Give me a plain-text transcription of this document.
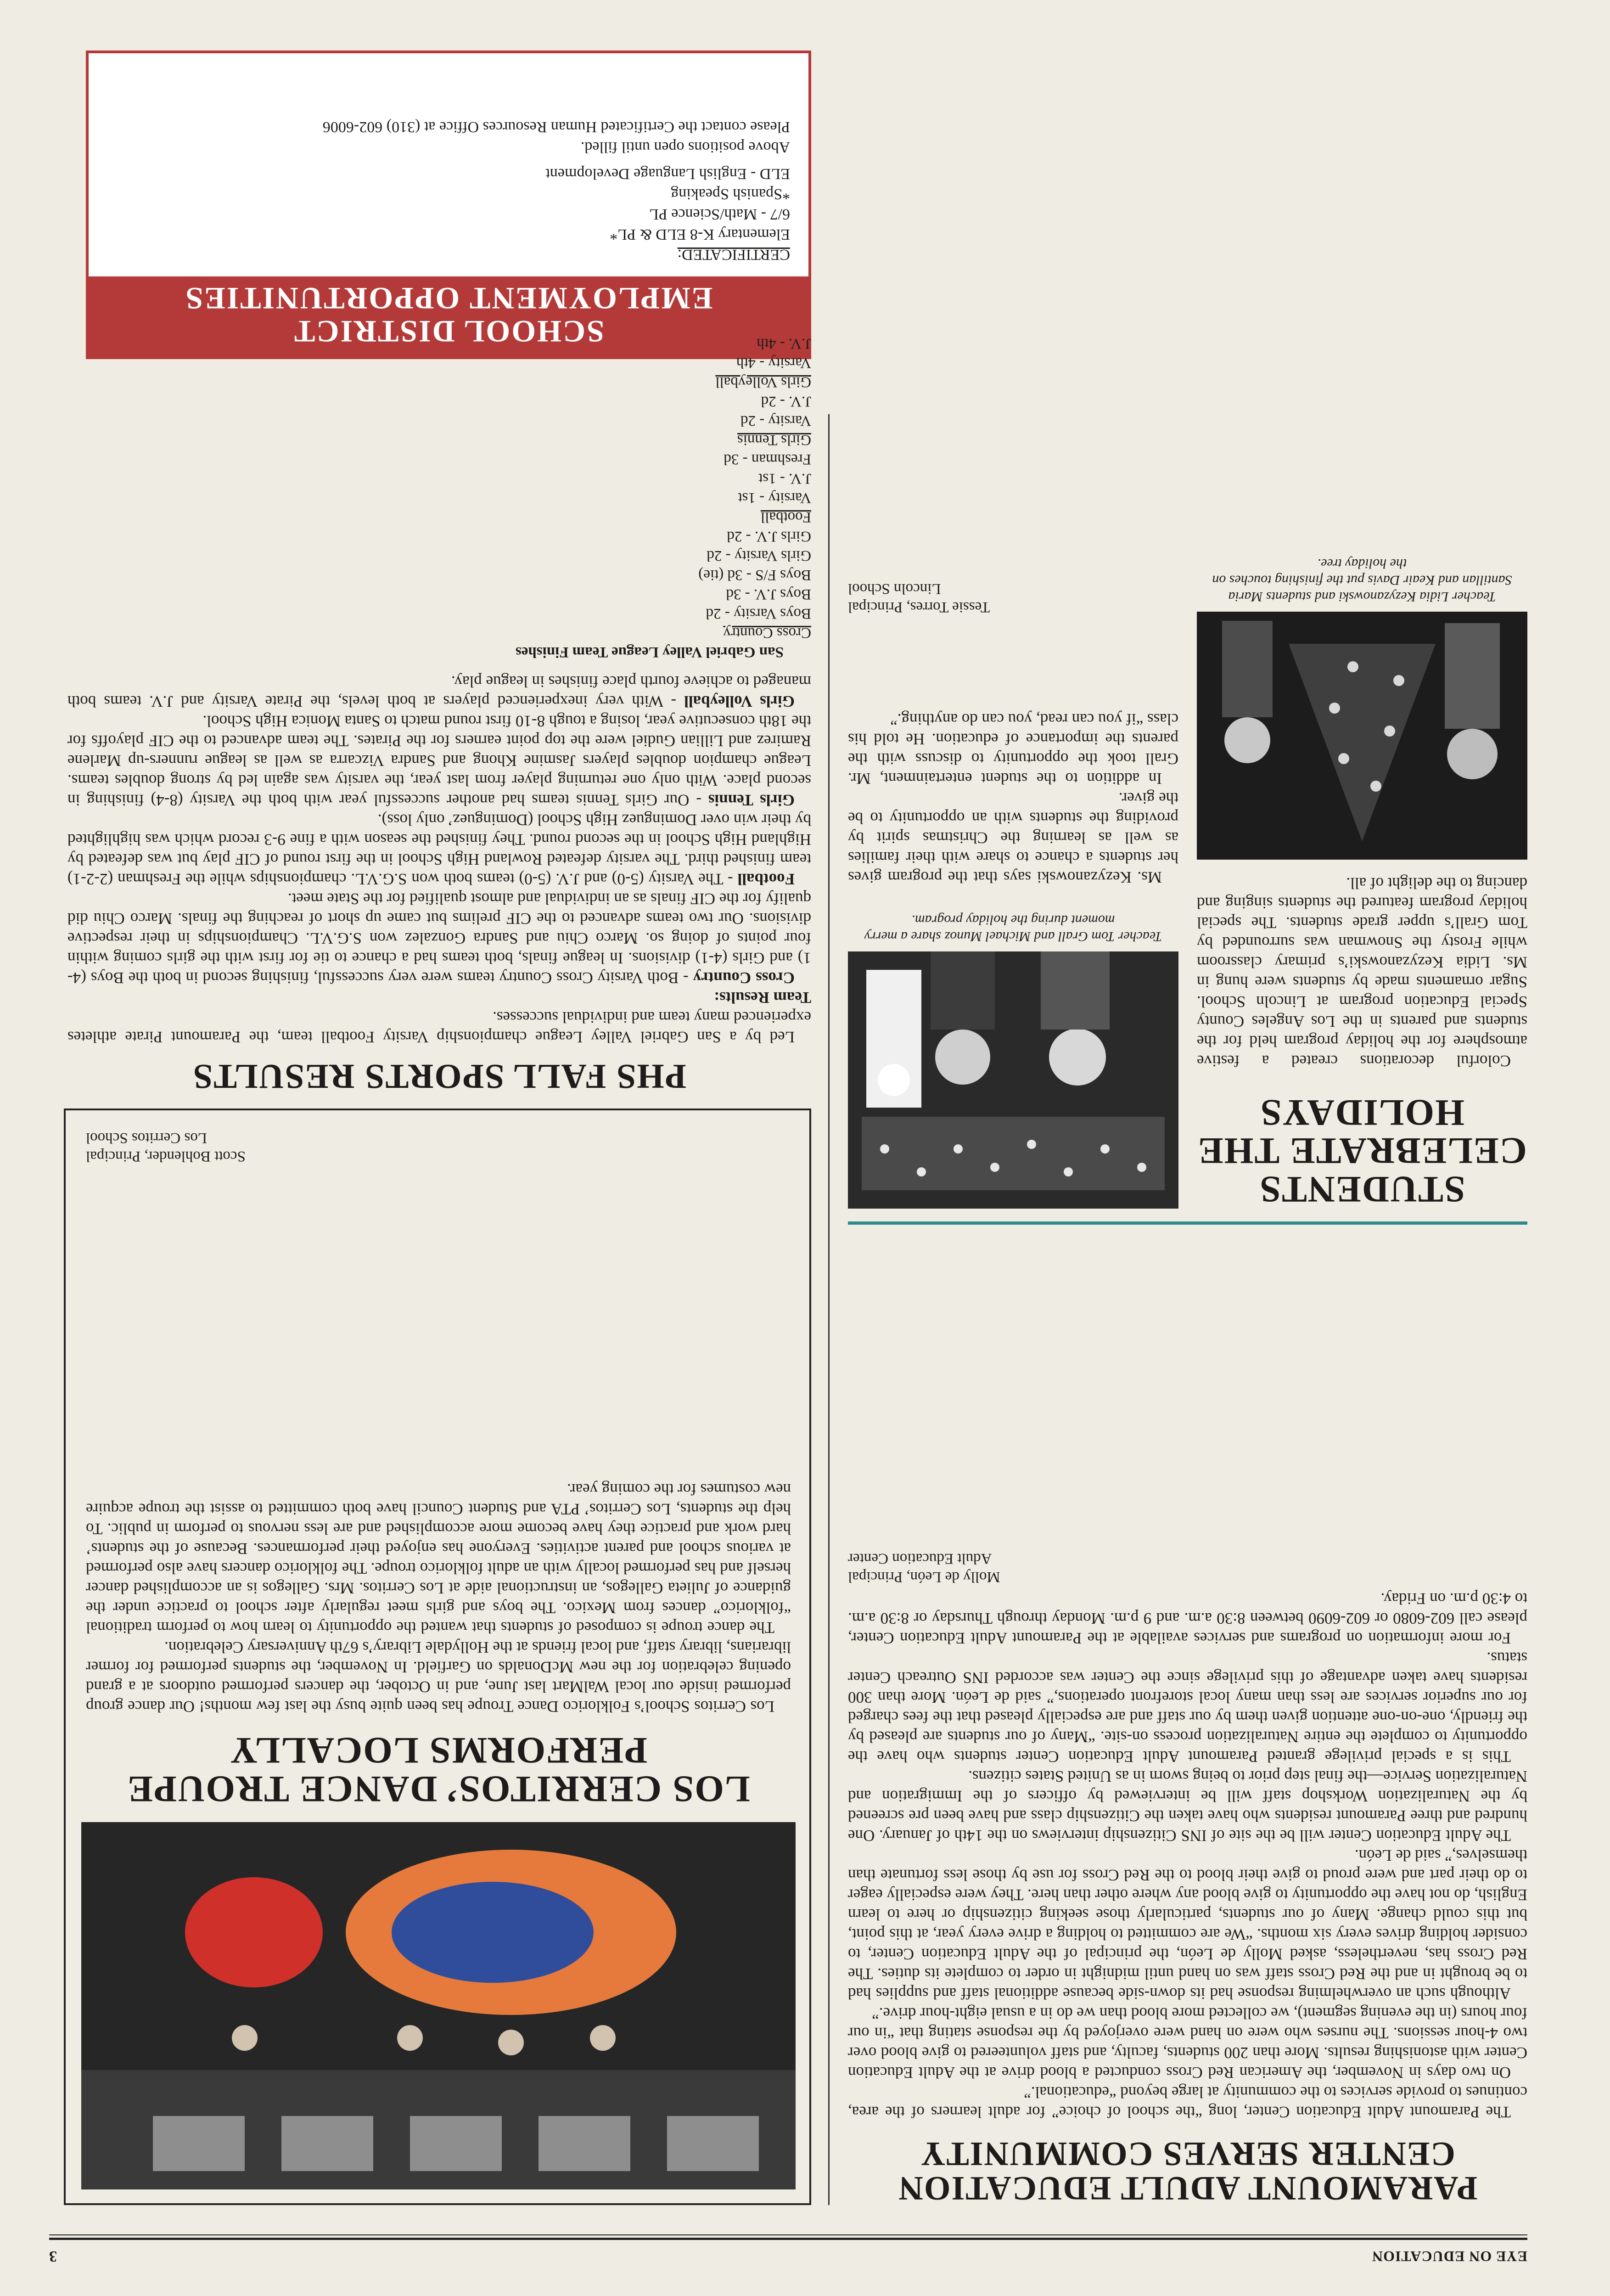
EYE ON EDUCATION
3
PARAMOUNT ADULT EDUCATION
CENTER SERVES COMMUNITY

The Paramount Adult Education Center, long “the school of choice” for adult learners of the area, continues to provide services to the community at large beyond “educational.”

On two days in November, the American Red Cross conducted a blood drive at the Adult Education Center with astonishing results. More than 200 students, faculty, and staff volunteered to give blood over two 4-hour sessions. The nurses who were on hand were overjoyed by the response stating that “in our four hours (in the evening segment), we collected more blood than we do in a usual eight-hour drive.”

Although such an overwhelming response had its down-side because additional staff and supplies had to be brought in and the Red Cross staff was on hand until midnight in order to complete its duties. The Red Cross has, nevertheless, asked Molly de León, the principal of the Adult Education Center, to consider holding drives every six months. “We are committed to holding a drive every year, at this point, but this could change. Many of our students, particularly those seeking citizenship or here to learn English, do not have the opportunity to give blood any where other than here. They were especially eager to do their part and were proud to give their blood to the Red Cross for use by those less fortunate than themselves,” said de León.

The Adult Education Center will be the site of INS Citizenship interviews on the 14th of January. One hundred and three Paramount residents who have taken the Citizenship class and have been pre screened by the Naturalization Workshop staff will be interviewed by officers of the Immigration and Naturalization Service—the final step prior to being sworn in as United States citizens.

This is a special privilege granted Paramount Adult Education Center students who have the opportunity to complete the entire Naturalization process on-site. “Many of our students are pleased by the friendly, one-on-one attention given them by our staff and are especially pleased that the fees charged for our superior services are less than many local storefront operations,” said de León. More than 300 residents have taken advantage of this privilege since the Center was accorded INS Outreach Center status.

For more information on programs and services available at the Paramount Adult Education Center, please call 602-6080 or 602-6090 between 8:30 a.m. and 9 p.m. Monday through Thursday or 8:30 a.m. to 4:30 p.m. on Friday.

Molly de León, Principal
Adult Education Center
STUDENTS
CELEBRATE THE
HOLIDAYS

Colorful decorations created a festive atmosphere for the holiday program held for the students and parents in the Los Angeles County Special Education program at Lincoln School. Sugar ornaments made by students were hung in Ms. Lidia Kezyzanowski’s primary classroom while Frosty the Snowman was surrounded by Tom Grall’s upper grade students. The special holiday program featured the students singing and dancing to the delight of all.

Teacher Tom Grall and Michael Munoz share a merry moment during the holiday program.

Ms. Kezyzanowski says that the program gives her students a chance to share with their families as well as learning the Christmas spirit by providing the students with an opportunity to be the giver.

In addition to the student entertainment, Mr. Grall took the opportunity to discuss with the parents the importance of education. He told his class “if you can read, you can do anything.”

Teacher Lidia Kezyzanowski and students Maria Santillan and Keair Davis put the finishing touches on the holiday tree.
Tessie Torres, Principal
Lincoln School
SCHOOL DISTRICT
EMPLOYMENT OPPORTUNITIES
CERTIFICATED:
Elementary K-8 ELD & PL*
6/7 - Math/Science PL
*Spanish Speaking
ELD - English Language Development
Above positions open until filled.
Please contact the Certificated Human Resources Office at (310) 602-6006
LOS CERRITOS’ DANCE TROUPE
PERFORMS LOCALLY

Los Cerritos School’s Folklorico Dance Troupe has been quite busy the last few months! Our dance group performed inside our local WalMart last June, and in October, the dancers performed outdoors at a grand opening celebration for the new McDonalds on Garfield. In November, the students performed for former librarians, library staff, and local friends at the Hollydale Library’s 67th Anniversary Celebration.

The dance troupe is composed of students that wanted the opportunity to learn how to perform traditional “folklorico” dances from Mexico. The boys and girls meet regularly after school to practice under the guidance of Julieta Gallegos, an instructional aide at Los Cerritos. Mrs. Gallegos is an accomplished dancer herself and has performed locally with an adult folklorico troupe. The folklorico dancers have also performed at various school and parent activities. Everyone has enjoyed their performances. Because of the students’ hard work and practice they have become more accomplished and are less nervous to perform in public. To help the students, Los Cerritos’ PTA and Student Council have both committed to assist the troupe acquire new costumes for the coming year.

Scott Bohlender, Principal
Los Cerritos School
PHS FALL SPORTS RESULTS

Led by a San Gabriel Valley League championship Varsity Football team, the Paramount Pirate athletes experienced many team and individual successes.

Team Results:

Cross Country - Both Varsity Cross Country teams were very successful, finishing second in both the Boys (4-1) and Girls (4-1) divisions. In league finals, both teams had a chance to tie for first with the girls coming within four points of doing so. Marco Chiu and Sandra Gonzalez won S.G.V.L. Championships in their respective divisions. Our two teams advanced to the CIF prelims but came up short of reaching the finals. Marco Chiu did qualify for the CIF finals as an individual and almost qualified for the State meet.

Football - The Varsity (5-0) and J.V. (5-0) teams both won S.G.V.L. championships while the Freshman (2-2-1) team finished third. The varsity defeated Rowland High School in the first round of CIF play but was defeated by Highland High School in the second round. They finished the season with a fine 9-3 record which was highlighted by their win over Dominguez High School (Dominguez’ only loss).

Girls Tennis - Our Girls Tennis teams had another successful year with both the Varsity (8-4) finishing in second place. With only one returning player from last year, the varsity was again led by strong doubles teams. League champion doubles players Jasmine Khong and Sandra Vizcarra as well as league runners-up Marlene Ramirez and Lillian Gudiel were the top point earners for the Pirates. The team advanced to the CIF playoffs for the 18th consecutive year, losing a tough 8-10 first round match to Santa Monica High School.

Girls Volleyball - With very inexperienced players at both levels, the Pirate Varsity and J.V. teams both managed to achieve fourth place finishes in league play.

San Gabriel Valley League Team Finishes
Cross Country
Boys Varsity - 2d
Boys J.V. - 3d
Boys F/S - 3d (tie)
Girls Varsity - 2d
Girls J.V. - 2d
Football
Varsity - 1st
J.V. - 1st
Freshman - 3d
Girls Tennis
Varsity - 2d
J.V. - 2d
Girls Volleyball
Varsity - 4th
J.V. - 4th
